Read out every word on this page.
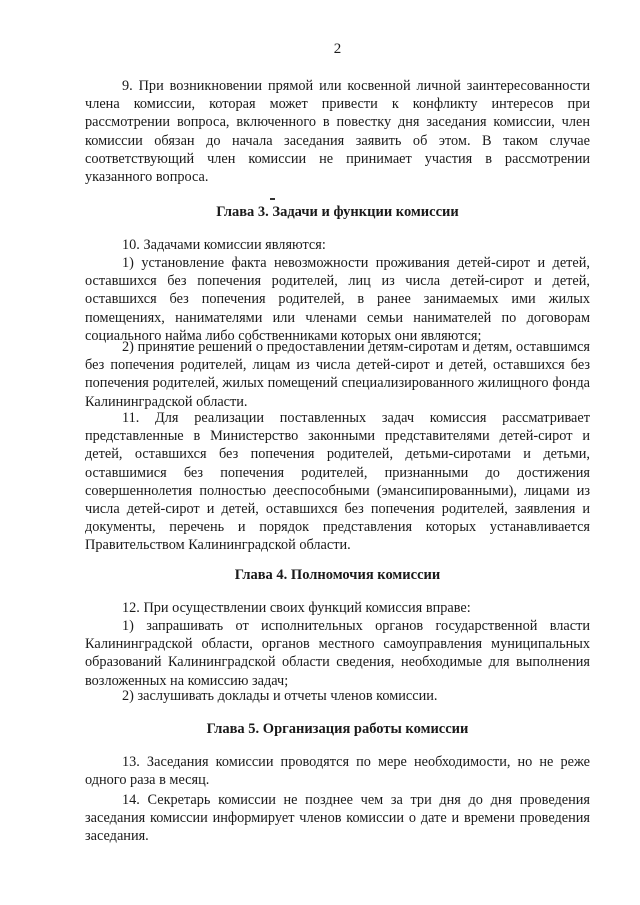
2

9. При возникновении прямой или косвенной личной заинтересованности члена комиссии, которая может привести к конфликту интересов при рассмотрении вопроса, включенного в повестку дня заседания комиссии, член комиссии обязан до начала заседания заявить об этом. В таком случае соответствующий член комиссии не принимает участия в рассмотрении указанного вопроса.

Глава 3. Задачи и функции комиссии

10. Задачами комиссии являются:

1) установление факта невозможности проживания детей-сирот и детей, оставшихся без попечения родителей, лиц из числа детей-сирот и детей, оставшихся без попечения родителей, в ранее занимаемых ими жилых помещениях, нанимателями или членами семьи нанимателей по договорам социального найма либо собственниками которых они являются;

2) принятие решений о предоставлении детям-сиротам и детям, оставшимся без попечения родителей, лицам из числа детей-сирот и детей, оставшихся без попечения родителей, жилых помещений специализированного жилищного фонда Калининградской области.

11. Для реализации поставленных задач комиссия рассматривает представленные в Министерство законными представителями детей-сирот и детей, оставшихся без попечения родителей, детьми-сиротами и детьми, оставшимися без попечения родителей, признанными до достижения совершеннолетия полностью дееспособными (эмансипированными), лицами из числа детей-сирот и детей, оставшихся без попечения родителей, заявления и документы, перечень и порядок представления которых устанавливается Правительством Калининградской области.

Глава 4. Полномочия комиссии

12. При осуществлении своих функций комиссия вправе:

1) запрашивать от исполнительных органов государственной власти Калининградской области, органов местного самоуправления муниципальных образований Калининградской области сведения, необходимые для выполнения возложенных на комиссию задач;

2) заслушивать доклады и отчеты членов комиссии.

Глава 5. Организация работы комиссии

13. Заседания комиссии проводятся по мере необходимости, но не реже одного раза в месяц.

14. Секретарь комиссии не позднее чем за три дня до дня проведения заседания комиссии информирует членов комиссии о дате и времени проведения заседания.
